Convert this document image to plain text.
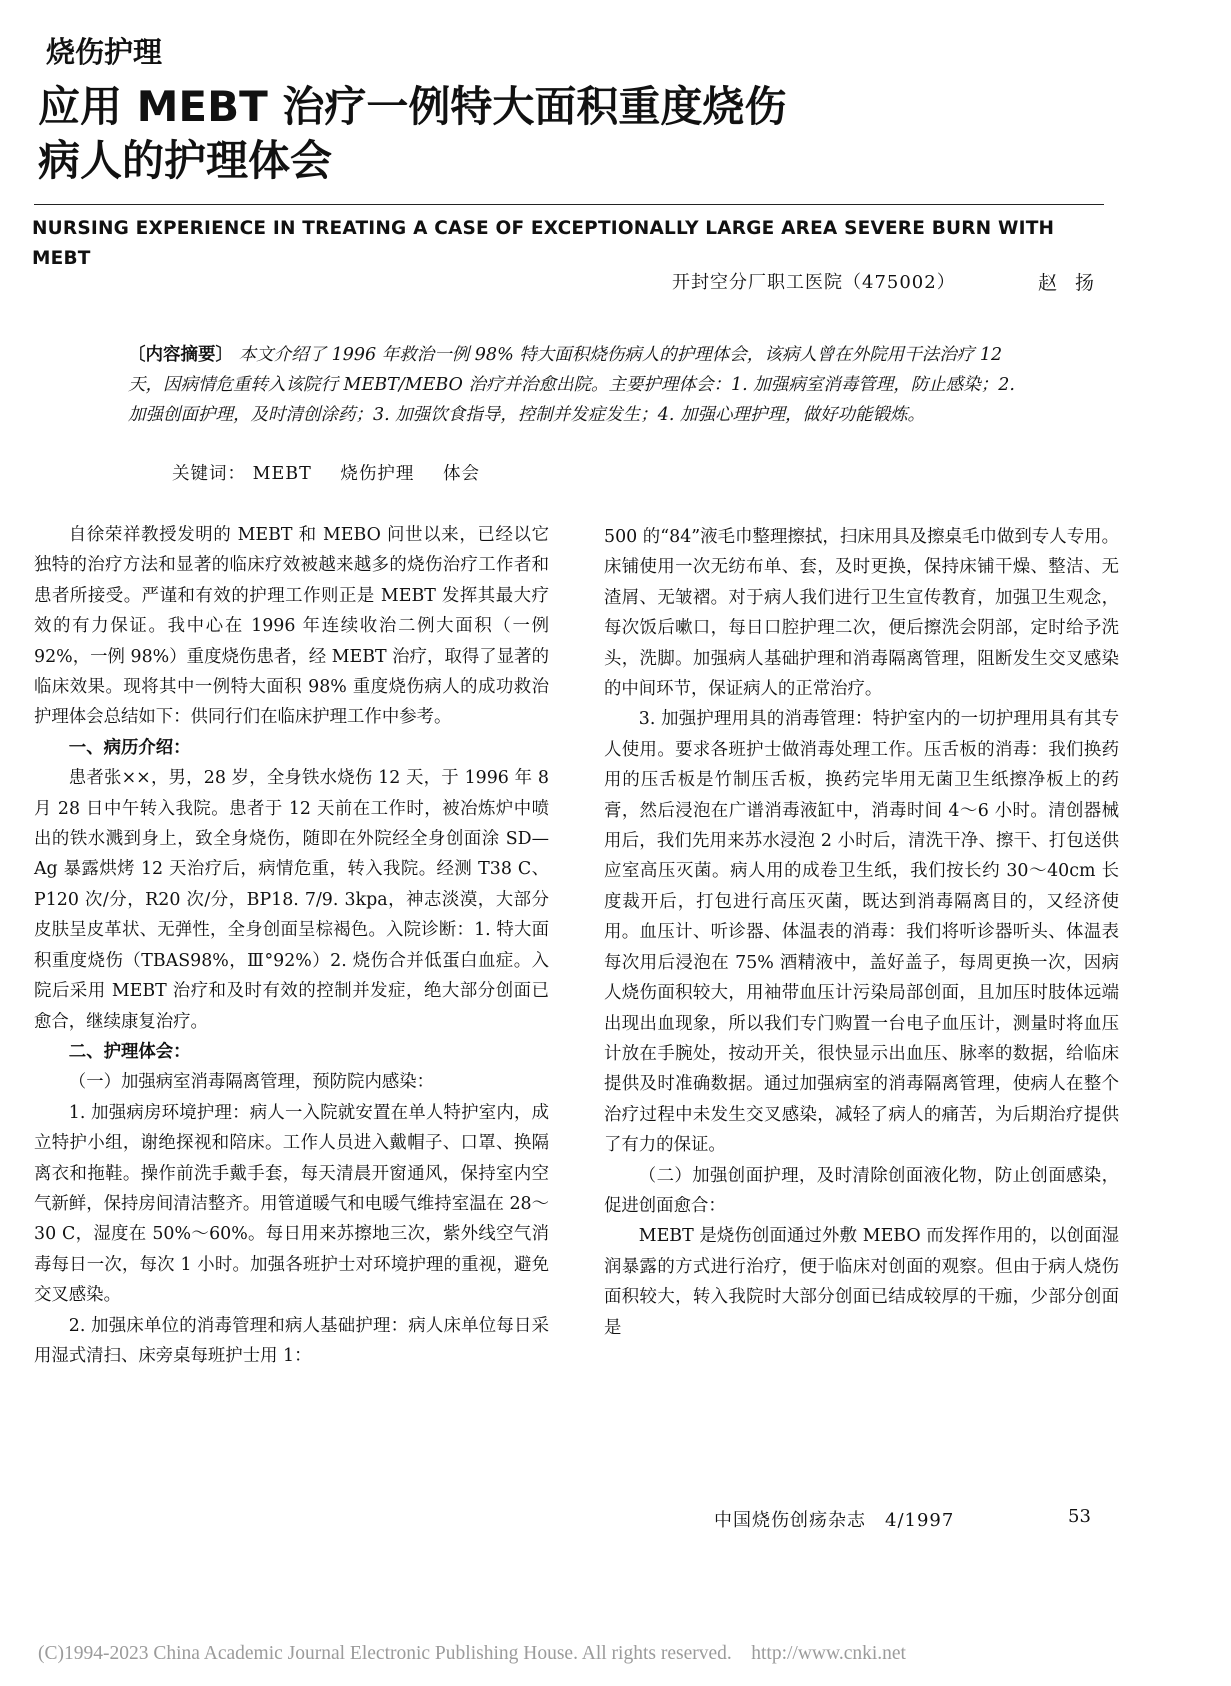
烧伤护理
应用 MEBT 治疗一例特大面积重度烧伤
病人的护理体会
NURSING EXPERIENCE IN TREATING A CASE OF EXCEPTIONALLY LARGE AREA SEVERE BURN WITH MEBT
开封空分厂职工医院（475002）	赵扬
〔内容摘要〕 本文介绍了 1996 年救治一例 98% 特大面积烧伤病人的护理体会，该病人曾在外院用干法治疗 12 天，因病情危重转入该院行 MEBT/MEBO 治疗并治愈出院。主要护理体会：1. 加强病室消毒管理，防止感染；2. 加强创面护理，及时清创涂药；3. 加强饮食指导，控制并发症发生；4. 加强心理护理，做好功能锻炼。
关键词： MEBT 烧伤护理 体会

自徐荣祥教授发明的 MEBT 和 MEBO 问世以来，已经以它独特的治疗方法和显著的临床疗效被越来越多的烧伤治疗工作者和患者所接受。严谨和有效的护理工作则正是 MEBT 发挥其最大疗效的有力保证。我中心在 1996 年连续收治二例大面积（一例 92%，一例 98%）重度烧伤患者，经 MEBT 治疗，取得了显著的临床效果。现将其中一例特大面积 98% 重度烧伤病人的成功救治护理体会总结如下：供同行们在临床护理工作中参考。

一、病历介绍：

患者张××，男，28 岁，全身铁水烧伤 12 天，于 1996 年 8 月 28 日中午转入我院。患者于 12 天前在工作时，被冶炼炉中喷出的铁水溅到身上，致全身烧伤，随即在外院经全身创面涂 SD—Ag 暴露烘烤 12 天治疗后，病情危重，转入我院。经测 T38 C、P120 次/分，R20 次/分，BP18. 7/9. 3kpa，神志淡漠，大部分皮肤呈皮革状、无弹性，全身创面呈棕褐色。入院诊断：1. 特大面积重度烧伤（TBAS98%，Ⅲ°92%）2. 烧伤合并低蛋白血症。入院后采用 MEBT 治疗和及时有效的控制并发症，绝大部分创面已愈合，继续康复治疗。

二、护理体会：

（一）加强病室消毒隔离管理，预防院内感染：

1. 加强病房环境护理：病人一入院就安置在单人特护室内，成立特护小组，谢绝探视和陪床。工作人员进入戴帽子、口罩、换隔离衣和拖鞋。操作前洗手戴手套，每天清晨开窗通风，保持室内空气新鲜，保持房间清洁整齐。用管道暖气和电暖气维持室温在 28～30 C，湿度在 50%～60%。每日用来苏擦地三次，紫外线空气消毒每日一次，每次 1 小时。加强各班护士对环境护理的重视，避免交叉感染。

2. 加强床单位的消毒管理和病人基础护理：病人床单位每日采用湿式清扫、床旁桌每班护士用 1：

500 的“84”液毛巾整理擦拭，扫床用具及擦桌毛巾做到专人专用。床铺使用一次无纺布单、套，及时更换，保持床铺干燥、整洁、无渣屑、无皱褶。对于病人我们进行卫生宣传教育，加强卫生观念，每次饭后嗽口，每日口腔护理二次，便后擦洗会阴部，定时给予洗头，洗脚。加强病人基础护理和消毒隔离管理，阻断发生交叉感染的中间环节，保证病人的正常治疗。

3. 加强护理用具的消毒管理：特护室内的一切护理用具有其专人使用。要求各班护士做消毒处理工作。压舌板的消毒：我们换药用的压舌板是竹制压舌板，换药完毕用无菌卫生纸擦净板上的药膏，然后浸泡在广谱消毒液缸中，消毒时间 4～6 小时。清创器械用后，我们先用来苏水浸泡 2 小时后，清洗干净、擦干、打包送供应室高压灭菌。病人用的成卷卫生纸，我们按长约 30～40cm 长度裁开后，打包进行高压灭菌，既达到消毒隔离目的，又经济使用。血压计、听诊器、体温表的消毒：我们将听诊器听头、体温表每次用后浸泡在 75% 酒精液中，盖好盖子，每周更换一次，因病人烧伤面积较大，用袖带血压计污染局部创面，且加压时肢体远端出现出血现象，所以我们专门购置一台电子血压计，测量时将血压计放在手腕处，按动开关，很快显示出血压、脉率的数据，给临床提供及时准确数据。通过加强病室的消毒隔离管理，使病人在整个治疗过程中未发生交叉感染，减轻了病人的痛苦，为后期治疗提供了有力的保证。

（二）加强创面护理，及时清除创面液化物，防止创面感染，促进创面愈合：

MEBT 是烧伤创面通过外敷 MEBO 而发挥作用的，以创面湿润暴露的方式进行治疗，便于临床对创面的观察。但由于病人烧伤面积较大，转入我院时大部分创面已结成较厚的干痂，少部分创面是

中国烧伤创疡杂志　4/1997	53
(C)1994-2023 China Academic Journal Electronic Publishing House. All rights reserved.　http://www.cnki.net
